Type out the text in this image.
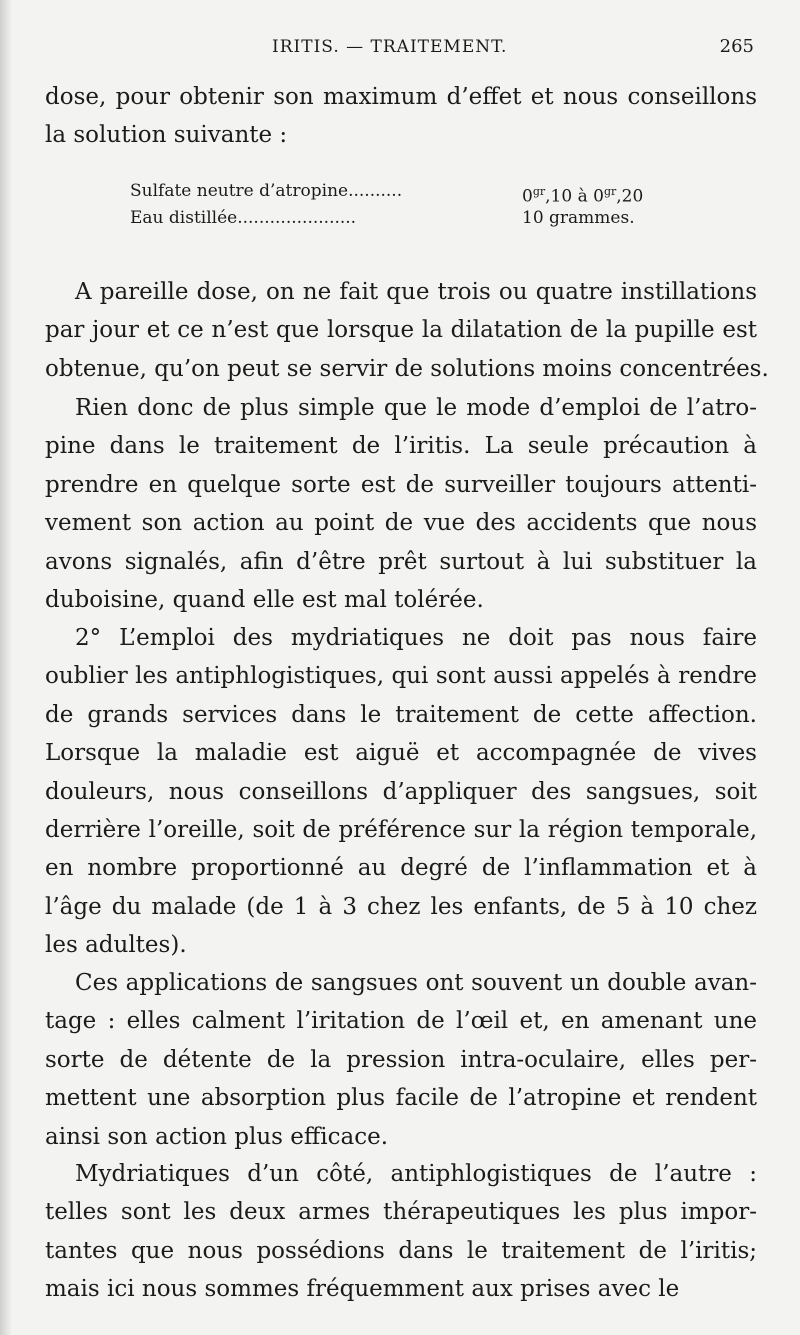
IRITIS. — TRAITEMENT.	265

dose, pour obtenir son maximum d’effet et nous conseillons

la solution suivante :

Sulfate neutre d’atropine..........	$0^{gr},10$ à $0^{gr},20$
Eau distillée......................	10 grammes.

A pareille dose, on ne fait que trois ou quatre instillations

par jour et ce n’est que lorsque la dilatation de la pupille est

obtenue, qu’on peut se servir de solutions moins concentrées.

Rien donc de plus simple que le mode d’emploi de l’atro-

pine dans le traitement de l’iritis. La seule précaution à

prendre en quelque sorte est de surveiller toujours attenti-

vement son action au point de vue des accidents que nous

avons signalés, afin d’être prêt surtout à lui substituer la

duboisine, quand elle est mal tolérée.

2° L’emploi des mydriatiques ne doit pas nous faire

oublier les antiphlogistiques, qui sont aussi appelés à rendre

de grands services dans le traitement de cette affection.

Lorsque la maladie est aiguë et accompagnée de vives

douleurs, nous conseillons d’appliquer des sangsues, soit

derrière l’oreille, soit de préférence sur la région temporale,

en nombre proportionné au degré de l’inflammation et à

l’âge du malade (de 1 à 3 chez les enfants, de 5 à 10 chez

les adultes).

Ces applications de sangsues ont souvent un double avan-

tage : elles calment l’iritation de l’œil et, en amenant une

sorte de détente de la pression intra-oculaire, elles per-

mettent une absorption plus facile de l’atropine et rendent

ainsi son action plus efficace.

Mydriatiques d’un côté, antiphlogistiques de l’autre :

telles sont les deux armes thérapeutiques les plus impor-

tantes que nous possédions dans le traitement de l’iritis;

mais ici nous sommes fréquemment aux prises avec le
